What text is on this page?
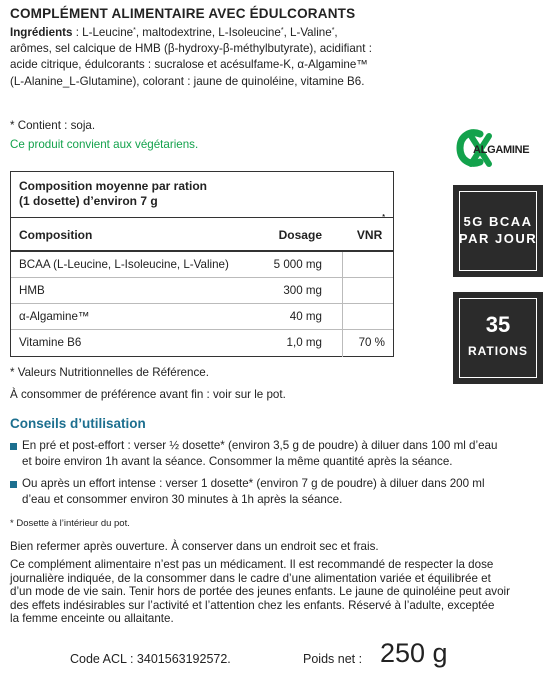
COMPLÉMENT ALIMENTAIRE AVEC ÉDULCORANTS
Ingrédients : L-Leucine*, maltodextrine, L-Isoleucine*, L-Valine*,
arômes, sel calcique de HMB (β-hydroxy-β-méthylbutyrate), acidifiant :
acide citrique, édulcorants : sucralose et acésulfame-K, α-Algamine™
(L-Alanine_L-Glutamine), colorant : jaune de quinoléine, vitamine B6.
* Contient : soja.
Ce produit convient aux végétariens.
Composition moyenne par ration
(1 dosette) d’environ 7 g
Composition	Dosage	VNR*
BCAA (L-Leucine, L-Isoleucine, L-Valine)	5 000 mg
HMB	300 mg
α-Algamine™	40 mg
Vitamine B6	1,0 mg	70 %
* Valeurs Nutritionnelles de Référence.
À consommer de préférence avant fin : voir sur le pot.
Conseils d’utilisation
En pré et post-effort : verser ½ dosette* (environ 3,5 g de poudre) à diluer dans 100 ml d’eau
et boire environ 1h avant la séance. Consommer la même quantité après la séance.
Ou après un effort intense : verser 1 dosette* (environ 7 g de poudre) à diluer dans 200 ml
d’eau et consommer environ 30 minutes à 1h après la séance.
* Dosette à l’intérieur du pot.
Bien refermer après ouverture. À conserver dans un endroit sec et frais.
Ce complément alimentaire n’est pas un médicament. Il est recommandé de respecter la dose
journalière indiquée, de la consommer dans le cadre d’une alimentation variée et équilibrée et
d’un mode de vie sain. Tenir hors de portée des jeunes enfants. Le jaune de quinoléine peut avoir
des effets indésirables sur l’activité et l’attention chez les enfants. Réservé à l’adulte, exceptée
la femme enceinte ou allaitante.
Code ACL : 3401563192572.	Poids net : 250 g
ALGAMINE
5G BCAA
PAR JOUR
35
RATIONS
